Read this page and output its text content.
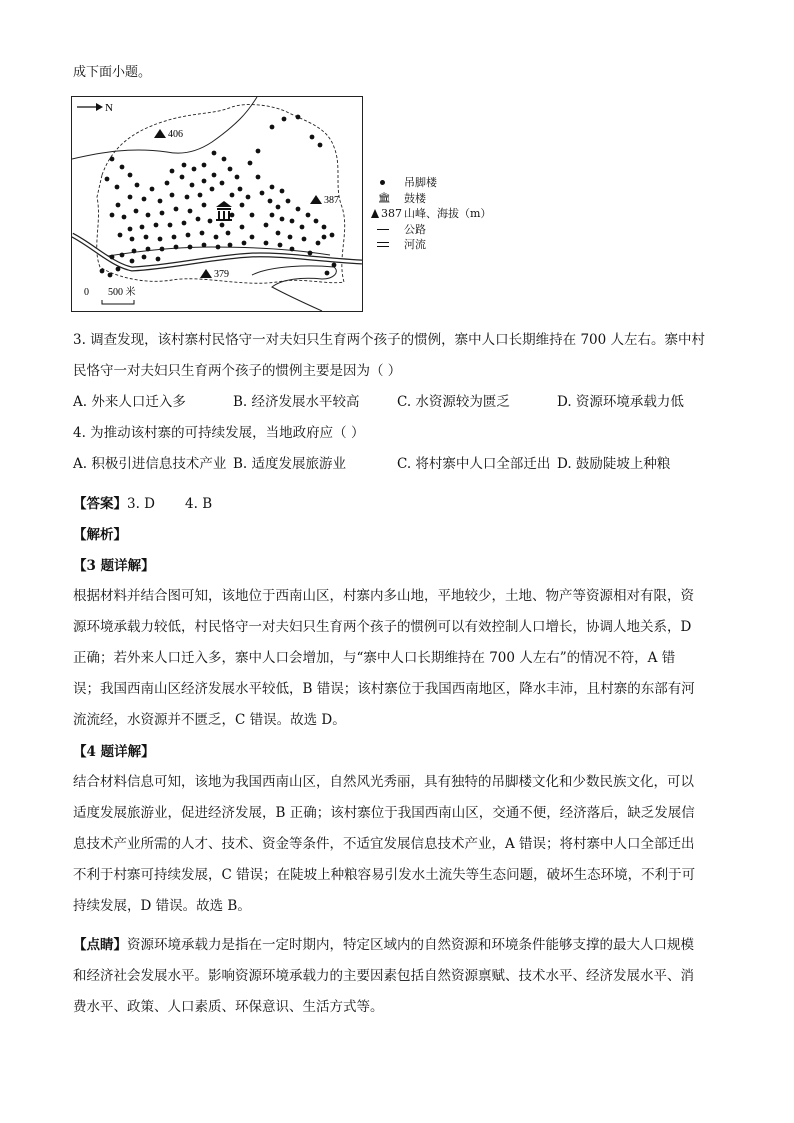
成下面小题。
N
406
387
379
0 500 米
吊脚楼
🏛 鼓楼
387 山峰、海拔（m）
公路
河流
3. 调查发现，该村寨村民恪守一对夫妇只生育两个孩子的惯例，寨中人口长期维持在 700 人左右。寨中村
民恪守一对夫妇只生育两个孩子的惯例主要是因为（ ）
A. 外来人口迁入多	B. 经济发展水平较高	C. 水资源较为匮乏	D. 资源环境承载力低
4. 为推动该村寨的可持续发展，当地政府应（ ）
A. 积极引进信息技术产业 B. 适度发展旅游业	C. 将村寨中人口全部迁出 D. 鼓励陡坡上种粮
【答案】3. D       4. B
【解析】
【3 题详解】
根据材料并结合图可知，该地位于西南山区，村寨内多山地，平地较少，土地、物产等资源相对有限，资
源环境承载力较低，村民恪守一对夫妇只生育两个孩子的惯例可以有效控制人口增长，协调人地关系，D
正确；若外来人口迁入多，寨中人口会增加，与“寨中人口长期维持在 700 人左右”的情况不符，A 错
误；我国西南山区经济发展水平较低，B 错误；该村寨位于我国西南地区，降水丰沛，且村寨的东部有河
流流经，水资源并不匮乏，C 错误。故选 D。
【4 题详解】
结合材料信息可知，该地为我国西南山区，自然风光秀丽，具有独特的吊脚楼文化和少数民族文化，可以
适度发展旅游业，促进经济发展，B 正确；该村寨位于我国西南山区，交通不便，经济落后，缺乏发展信
息技术产业所需的人才、技术、资金等条件，不适宜发展信息技术产业，A 错误；将村寨中人口全部迁出
不利于村寨可持续发展，C 错误；在陡坡上种粮容易引发水土流失等生态问题，破坏生态环境，不利于可
持续发展，D 错误。故选 B。
【点睛】资源环境承载力是指在一定时期内，特定区域内的自然资源和环境条件能够支撑的最大人口规模
和经济社会发展水平。影响资源环境承载力的主要因素包括自然资源禀赋、技术水平、经济发展水平、消
费水平、政策、人口素质、环保意识、生活方式等。
